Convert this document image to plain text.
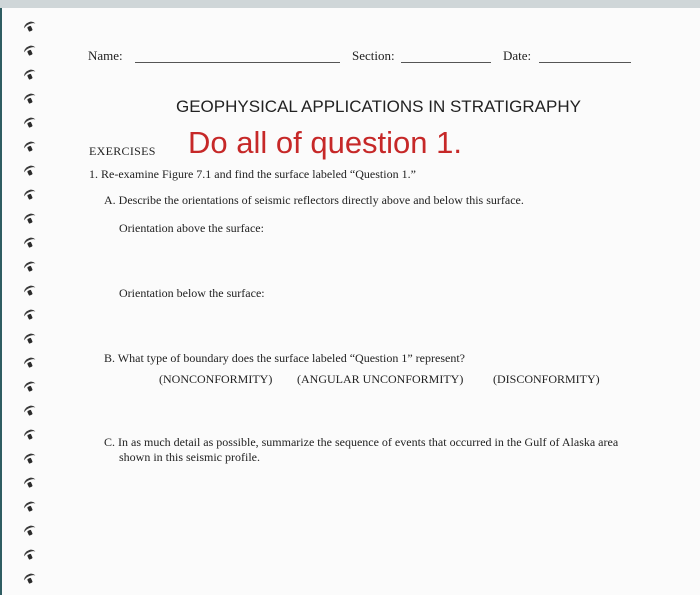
Name:	Section:	Date:
GEOPHYSICAL APPLICATIONS IN STRATIGRAPHY
EXERCISES Do all of question 1.
1. Re-examine Figure 7.1 and find the surface labeled “Question 1.”
A. Describe the orientations of seismic reflectors directly above and below this surface.
Orientation above the surface:
Orientation below the surface:
B. What type of boundary does the surface labeled “Question 1” represent?
(NONCONFORMITY) (ANGULAR UNCONFORMITY) (DISCONFORMITY)
C. In as much detail as possible, summarize the sequence of events that occurred in the Gulf of Alaska area
shown in this seismic profile.
